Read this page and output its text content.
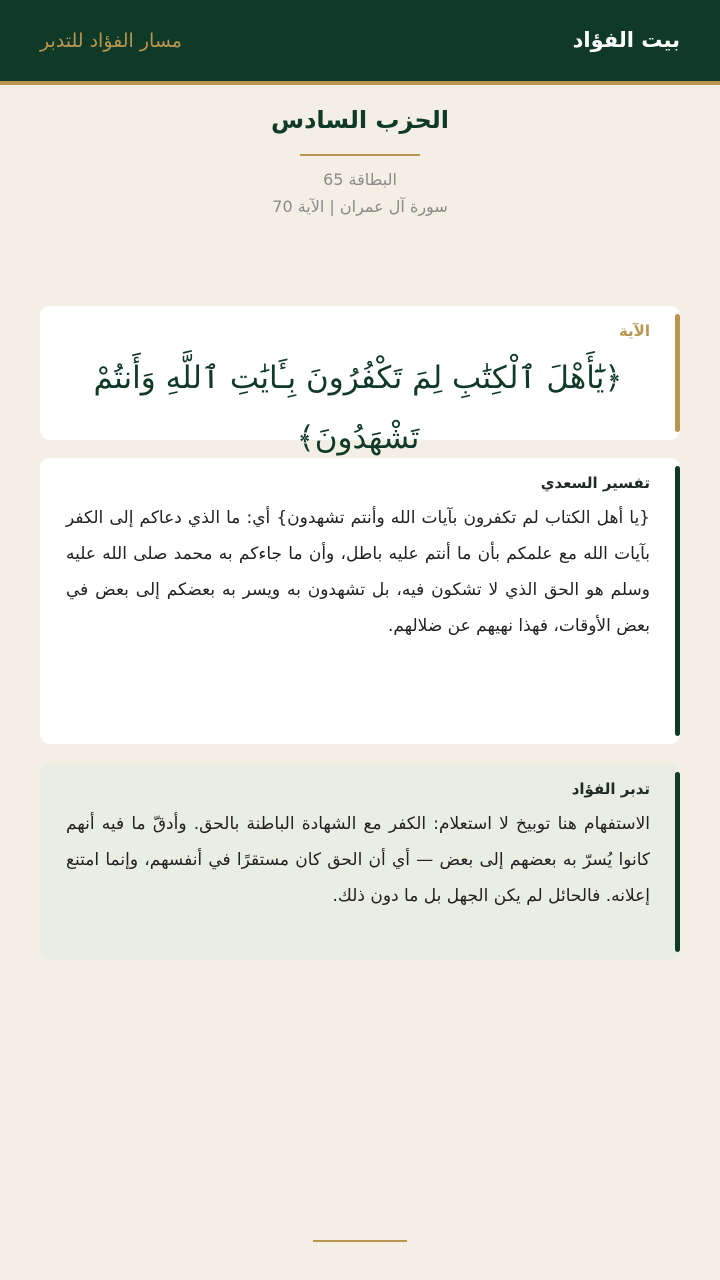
بيت الفؤاد
مسار الفؤاد للتدبر
الحزب السادس
البطاقة 65
سورة آل عمران | الآية 70
الآية
﴿يَٰٓأَهْلَ ٱلْكِتَٰبِ لِمَ تَكْفُرُونَ بِـَٔايَٰتِ ٱللَّهِ وَأَنتُمْ تَشْهَدُونَ﴾
تفسير السعدي
{يا أهل الكتاب لم تكفرون بآيات الله وأنتم تشهدون} أي: ما الذي دعاكم إلى الكفر بآيات الله مع علمكم بأن ما أنتم عليه باطل، وأن ما جاءكم به محمد صلى الله عليه وسلم هو الحق الذي لا تشكون فيه، بل تشهدون به ويسر به بعضكم إلى بعض في بعض الأوقات، فهذا نهيهم عن ضلالهم.
تدبر الفؤاد
الاستفهام هنا توبيخ لا استعلام: الكفر مع الشهادة الباطنة بالحق. وأدقّ ما فيه أنهم كانوا يُسرّ به بعضهم إلى بعض — أي أن الحق كان مستقرًا في أنفسهم، وإنما امتنع إعلانه. فالحائل لم يكن الجهل بل ما دون ذلك.
